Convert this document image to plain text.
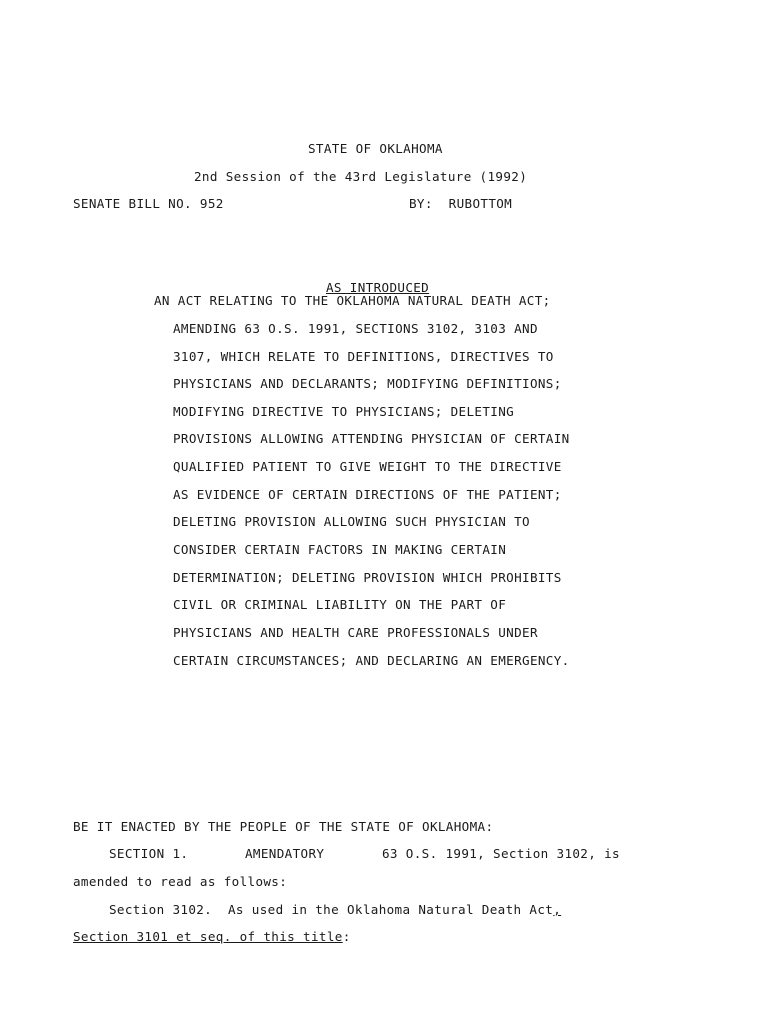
STATE OF OKLAHOMA
2nd Session of the 43rd Legislature (1992)
SENATE BILL NO. 952	BY:  RUBOTTOM
AS INTRODUCED
AN ACT RELATING TO THE OKLAHOMA NATURAL DEATH ACT;
AMENDING 63 O.S. 1991, SECTIONS 3102, 3103 AND
3107, WHICH RELATE TO DEFINITIONS, DIRECTIVES TO
PHYSICIANS AND DECLARANTS; MODIFYING DEFINITIONS;
MODIFYING DIRECTIVE TO PHYSICIANS; DELETING
PROVISIONS ALLOWING ATTENDING PHYSICIAN OF CERTAIN
QUALIFIED PATIENT TO GIVE WEIGHT TO THE DIRECTIVE
AS EVIDENCE OF CERTAIN DIRECTIONS OF THE PATIENT;
DELETING PROVISION ALLOWING SUCH PHYSICIAN TO
CONSIDER CERTAIN FACTORS IN MAKING CERTAIN
DETERMINATION; DELETING PROVISION WHICH PROHIBITS
CIVIL OR CRIMINAL LIABILITY ON THE PART OF
PHYSICIANS AND HEALTH CARE PROFESSIONALS UNDER
CERTAIN CIRCUMSTANCES; AND DECLARING AN EMERGENCY.
BE IT ENACTED BY THE PEOPLE OF THE STATE OF OKLAHOMA:
SECTION 1.	AMENDATORY	63 O.S. 1991, Section 3102, is
amended to read as follows:
Section 3102.  As used in the Oklahoma Natural Death Act,
Section 3101 et seq. of this title:
